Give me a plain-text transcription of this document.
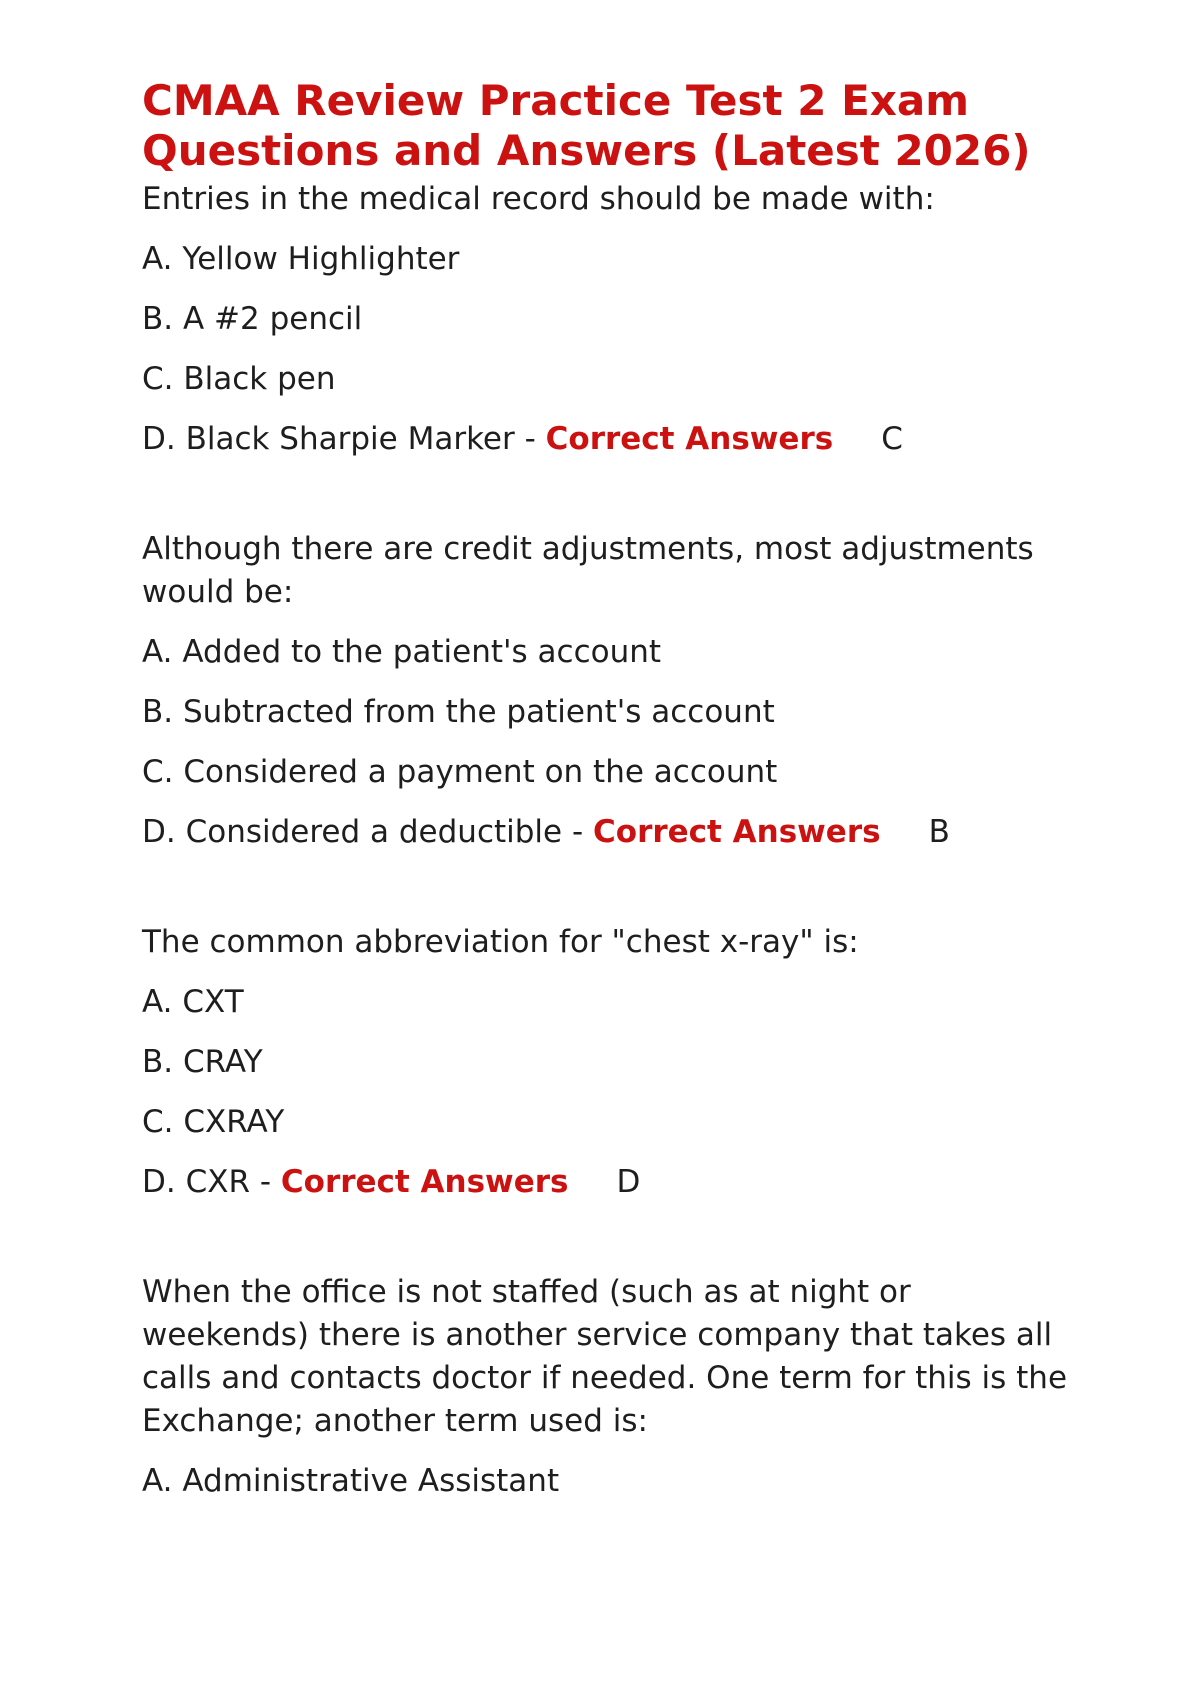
CMAA Review Practice Test 2 Exam
Questions and Answers (Latest 2026)

Entries in the medical record should be made with:

A. Yellow Highlighter

B. A #2 pencil

C. Black pen

D. Black Sharpie Marker - Correct Answers C

Although there are credit adjustments, most adjustments would be:

A. Added to the patient's account

B. Subtracted from the patient's account

C. Considered a payment on the account

D. Considered a deductible - Correct Answers B

The common abbreviation for "chest x-ray" is:

A. CXT

B. CRAY

C. CXRAY

D. CXR - Correct Answers D

When the office is not staffed (such as at night or weekends) there is another service company that takes all calls and contacts doctor if needed. One term for this is the Exchange; another term used is:

A. Administrative Assistant
